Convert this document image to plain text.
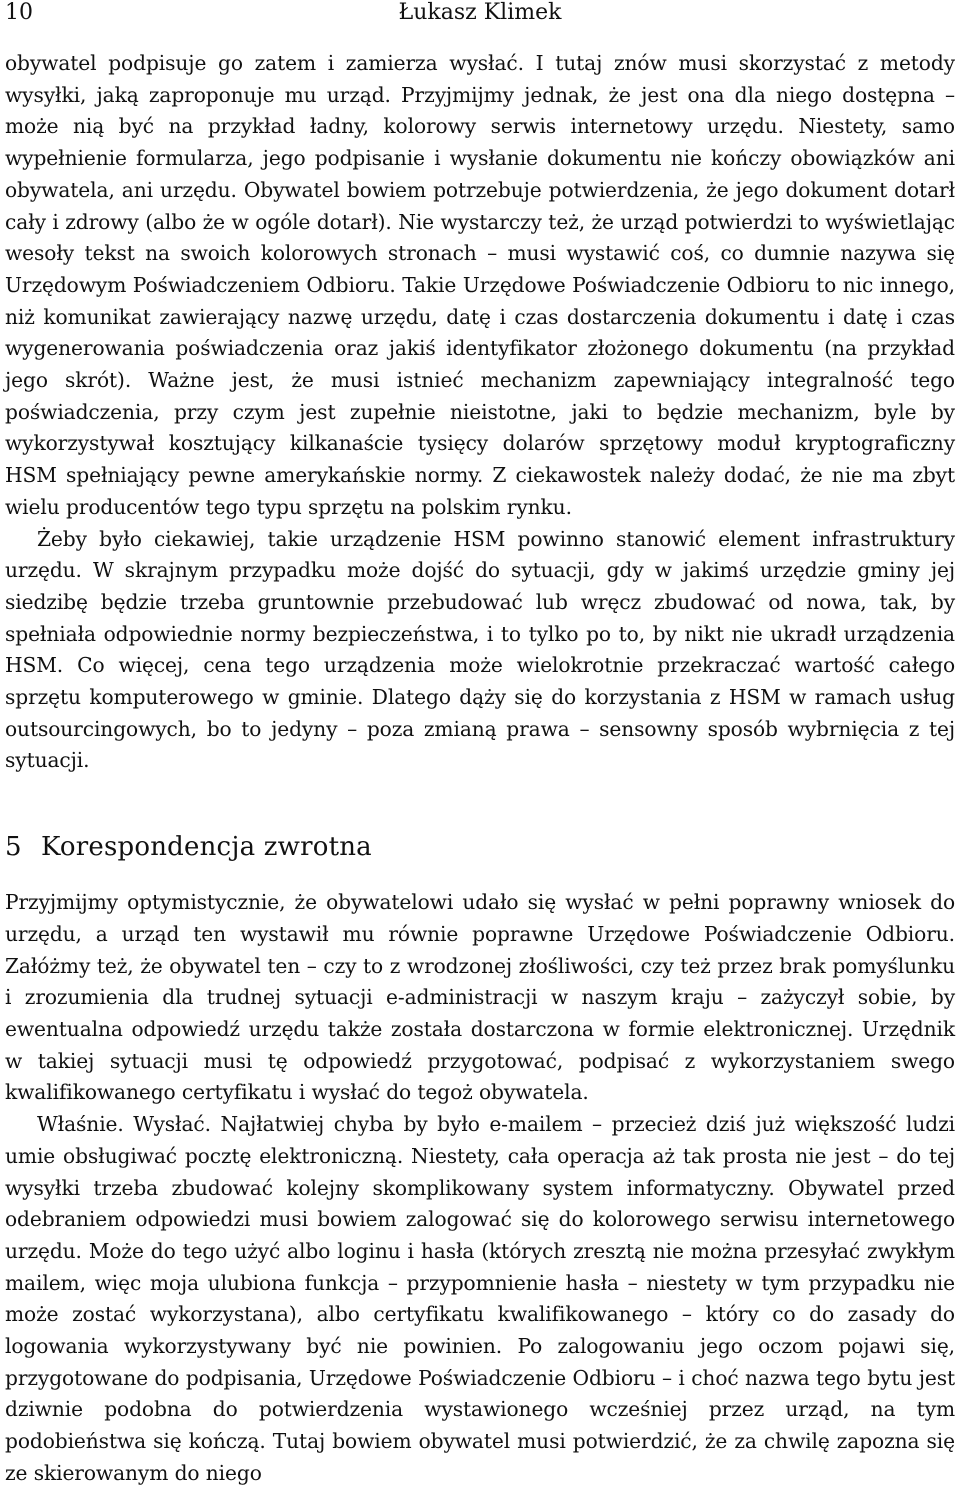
10	Łukasz Klimek

obywatel podpisuje go zatem i zamierza wysłać. I tutaj znów musi skorzystać z metody wysyłki, jaką zaproponuje mu urząd. Przyjmijmy jednak, że jest ona dla niego dostępna – może nią być na przykład ładny, kolorowy serwis internetowy urzędu. Niestety, samo wypełnienie formularza, jego podpisanie i wysłanie dokumentu nie kończy obowiązków ani obywatela, ani urzędu. Obywatel bowiem potrzebuje potwierdzenia, że jego dokument dotarł cały i zdrowy (albo że w ogóle dotarł). Nie wystarczy też, że urząd potwierdzi to wyświetlając wesoły tekst na swoich kolorowych stronach – musi wystawić coś, co dumnie nazywa się Urzędowym Poświadczeniem Odbioru. Takie Urzędowe Poświadczenie Odbioru to nic innego, niż komunikat zawierający nazwę urzędu, datę i czas dostarczenia dokumentu i datę i czas wygenerowania poświadczenia oraz jakiś identyfikator złożonego dokumentu (na przykład jego skrót). Ważne jest, że musi istnieć mechanizm zapewniający integralność tego poświadczenia, przy czym jest zupełnie nieistotne, jaki to będzie mechanizm, byle by wykorzystywał kosztujący kilkanaście tysięcy dolarów sprzętowy moduł kryptograficzny HSM spełniający pewne amerykańskie normy. Z ciekawostek należy dodać, że nie ma zbyt wielu producentów tego typu sprzętu na polskim rynku.

Żeby było ciekawiej, takie urządzenie HSM powinno stanowić element infrastruktury urzędu. W skrajnym przypadku może dojść do sytuacji, gdy w jakimś urzędzie gminy jej siedzibę będzie trzeba gruntownie przebudować lub wręcz zbudować od nowa, tak, by spełniała odpowiednie normy bezpieczeństwa, i to tylko po to, by nikt nie ukradł urządzenia HSM. Co więcej, cena tego urządzenia może wielokrotnie przekraczać wartość całego sprzętu komputerowego w gminie. Dlatego dąży się do korzystania z HSM w ramach usług outsourcingowych, bo to jedyny – poza zmianą prawa – sensowny sposób wybrnięcia z tej sytuacji.

5 Korespondencja zwrotna

Przyjmijmy optymistycznie, że obywatelowi udało się wysłać w pełni poprawny wniosek do urzędu, a urząd ten wystawił mu równie poprawne Urzędowe Poświadczenie Odbioru. Załóżmy też, że obywatel ten – czy to z wrodzonej złośliwości, czy też przez brak pomyślunku i zrozumienia dla trudnej sytuacji e-administracji w naszym kraju – zażyczył sobie, by ewentualna odpowiedź urzędu także została dostarczona w formie elektronicznej. Urzędnik w takiej sytuacji musi tę odpowiedź przygotować, podpisać z wykorzystaniem swego kwalifikowanego certyfikatu i wysłać do tegoż obywatela.

Właśnie. Wysłać. Najłatwiej chyba by było e-mailem – przecież dziś już większość ludzi umie obsługiwać pocztę elektroniczną. Niestety, cała operacja aż tak prosta nie jest – do tej wysyłki trzeba zbudować kolejny skomplikowany system informatyczny. Obywatel przed odebraniem odpowiedzi musi bowiem zalogować się do kolorowego serwisu internetowego urzędu. Może do tego użyć albo loginu i hasła (których zresztą nie można przesyłać zwykłym mailem, więc moja ulubiona funkcja – przypomnienie hasła – niestety w tym przypadku nie może zostać wykorzystana), albo certyfikatu kwalifikowanego – który co do zasady do logowania wykorzystywany być nie powinien. Po zalogowaniu jego oczom pojawi się, przygotowane do podpisania, Urzędowe Poświadczenie Odbioru – i choć nazwa tego bytu jest dziwnie podobna do potwierdzenia wystawionego wcześniej przez urząd, na tym podobieństwa się kończą. Tutaj bowiem obywatel musi potwierdzić, że za chwilę zapozna się ze skierowanym do niego
